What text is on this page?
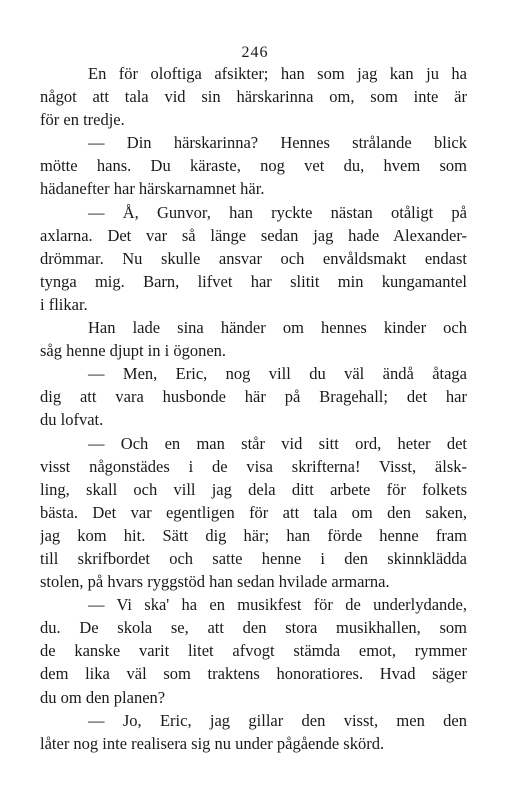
246
En för oloftiga afsikter; han som jag kan ju ha
något att tala vid sin härskarinna om, som inte är
för en tredje.
— Din härskarinna? Hennes strålande blick
mötte hans. Du käraste, nog vet du, hvem som
hädanefter har härskarnamnet här.
— Å, Gunvor, han ryckte nästan otåligt på
axlarna. Det var så länge sedan jag hade Alexander-
drömmar. Nu skulle ansvar och envåldsmakt endast
tynga mig. Barn, lifvet har slitit min kungamantel
i flikar.
Han lade sina händer om hennes kinder och
såg henne djupt in i ögonen.
— Men, Eric, nog vill du väl ändå åtaga
dig att vara husbonde här på Bragehall; det har
du lofvat.
— Och en man står vid sitt ord, heter det
visst någonstädes i de visa skrifterna! Visst, älsk-
ling, skall och vill jag dela ditt arbete för folkets
bästa. Det var egentligen för att tala om den saken,
jag kom hit. Sätt dig här; han förde henne fram
till skrifbordet och satte henne i den skinnklädda
stolen, på hvars ryggstöd han sedan hvilade armarna.
— Vi ska' ha en musikfest för de underlydande,
du. De skola se, att den stora musikhallen, som
de kanske varit litet afvogt stämda emot, rymmer
dem lika väl som traktens honoratiores. Hvad säger
du om den planen?
— Jo, Eric, jag gillar den visst, men den
låter nog inte realisera sig nu under pågående skörd.
